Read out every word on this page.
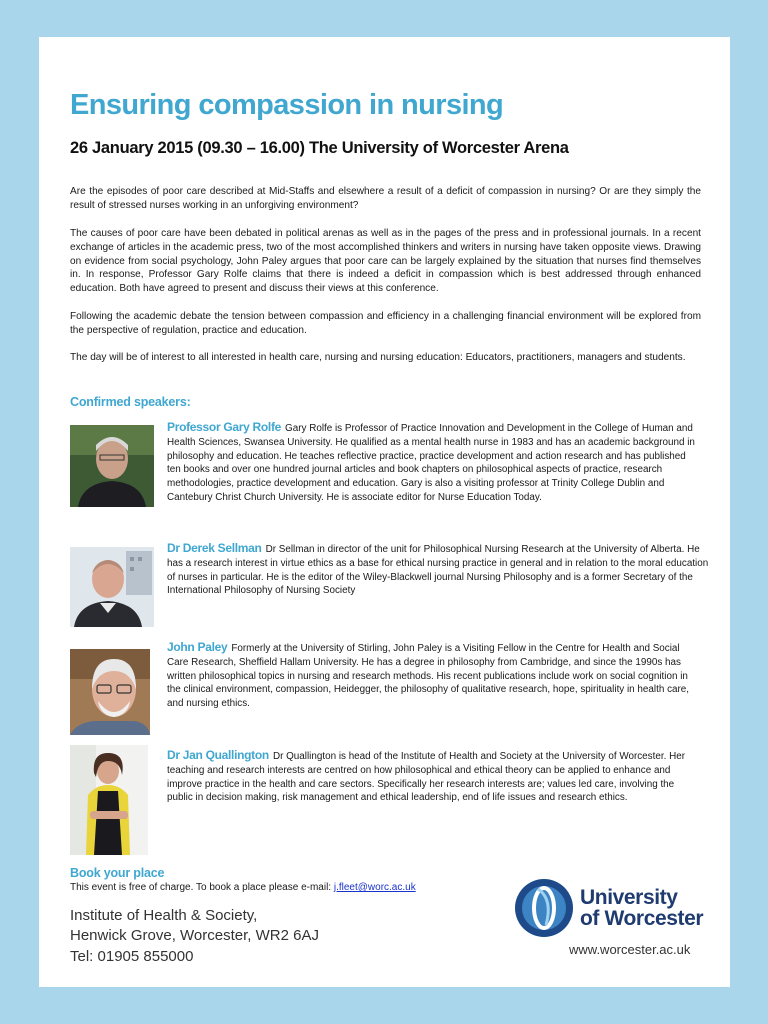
Ensuring compassion in nursing
26 January 2015 (09.30 – 16.00) The University of Worcester Arena

Are the episodes of poor care described at Mid-Staffs and elsewhere a result of a deficit of compassion in nursing? Or are they simply the result of stressed nurses working in an unforgiving environment?

The causes of poor care have been debated in political arenas as well as in the pages of the press and in professional journals. In a recent exchange of articles in the academic press, two of the most accomplished thinkers and writers in nursing have taken opposite views. Drawing on evidence from social psychology, John Paley argues that poor care can be largely explained by the situation that nurses find themselves in. In response, Professor Gary Rolfe claims that there is indeed a deficit in compassion which is best addressed through enhanced education. Both have agreed to present and discuss their views at this conference.

Following the academic debate the tension between compassion and efficiency in a challenging financial environment will be explored from the perspective of regulation, practice and education.

The day will be of interest to all interested in health care, nursing and nursing education: Educators, practitioners, managers and students.

Confirmed speakers:

Professor Gary Rolfe Gary Rolfe is Professor of Practice Innovation and Development in the College of Human and Health Sciences, Swansea University. He qualified as a mental health nurse in 1983 and has an academic background in philosophy and education. He teaches reflective practice, practice development and action research and has published ten books and over one hundred journal articles and book chapters on philosophical aspects of practice, research methodologies, practice development and education. Gary is also a visiting professor at Trinity College Dublin and Cantebury Christ Church University. He is associate editor for Nurse Education Today.

Dr Derek Sellman Dr Sellman in director of the unit for Philosophical Nursing Research at the University of Alberta. He has a research interest in virtue ethics as a base for ethical nursing practice in general and in relation to the moral education of nurses in particular. He is the editor of the Wiley-Blackwell journal Nursing Philosophy and is a former Secretary of the International Philosophy of Nursing Society

John Paley Formerly at the University of Stirling, John Paley is a Visiting Fellow in the Centre for Health and Social Care Research, Sheffield Hallam University. He has a degree in philosophy from Cambridge, and since the 1990s has written philosophical topics in nursing and research methods. His recent publications include work on social cognition in the clinical environment, compassion, Heidegger, the philosophy of qualitative research, hope, spirituality in health care, and nursing ethics.

Dr Jan Quallington Dr Quallington is head of the Institute of Health and Society at the University of Worcester. Her teaching and research interests are centred on how philosophical and ethical theory can be applied to enhance and improve practice in the health and care sectors. Specifically her research interests are; values led care, involving the public in decision making, risk management and ethical leadership, end of life issues and research ethics.

Book your place

This event is free of charge. To book a place please e-mail: j.fleet@worc.ac.uk

Institute of Health & Society,

Henwick Grove, Worcester, WR2 6AJ

Tel: 01905 855000

University

of Worcester

www.worcester.ac.uk
